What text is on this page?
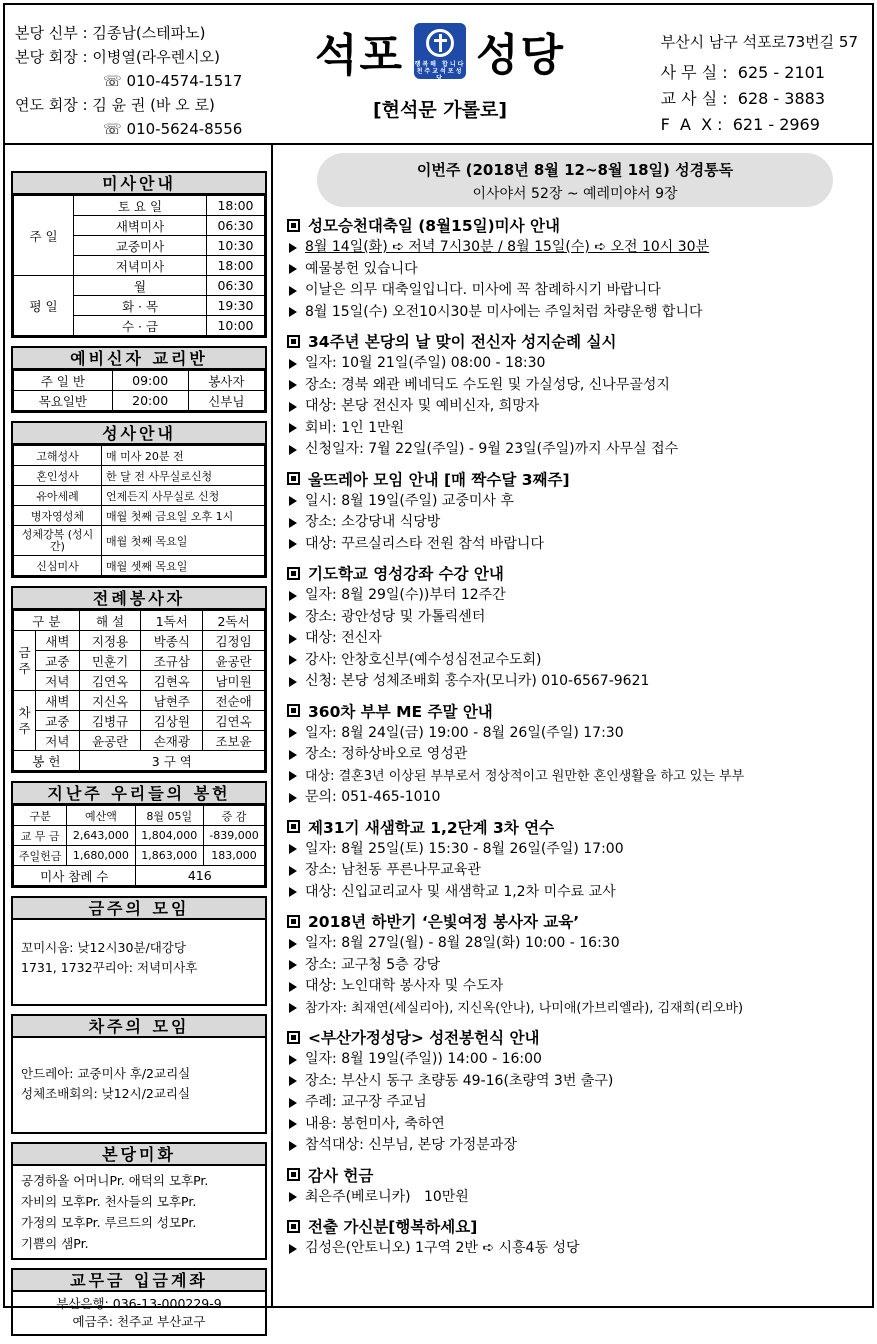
본당 신부 : 김종남(스테파노)
본당 회장 : 이병열(라우렌시오)
☏ 010-4574-1517
연도 회장 : 김 윤 권 (바 오 로)
☏ 010-5624-8556
석포 행복해 합니다 천주교석포성당 성당
[현석문 가롤로]
부산시 남구 석포로73번길 57
사 무 실 :  625 - 2101
교 사 실 :  628 - 3883
F  A  X :  621 - 2969
미사안내
주 일	토 요 일	18:00
	새벽미사	06:30
	교중미사	10:30
	저녁미사	18:00
평 일	월	06:30
	화 · 목	19:30
	수 · 금	10:00
예비신자 교리반
주 일 반	09:00	봉사자
목요일반	20:00	신부님
성사안내
고해성사	매 미사 20분 전
혼인성사	한 달 전 사무실로신청
유아세례	언제든지 사무실로 신청
병자영성체	매월 첫째 금요일 오후 1시
성체강복 (성시간)	매월 첫째 목요일
신심미사	매월 셋째 목요일
전례봉사자
구 분		해 설	1독서	2독서
금주	새벽	지정용	박종식	김정임
	교중	민훈기	조규삼	윤공란
	저녁	김연옥	김현옥	남미원
차주	새벽	지신옥	남현주	전순애
	교중	김병규	김상원	김연옥
	저녁	윤공란	손재광	조보윤
봉 헌		3 구 역		
지난주 우리들의 봉헌
구분	예산액	8월 05일	증 감
교 무 금	2,643,000	1,804,000	-839,000
주일헌금	1,680,000	1,863,000	183,000
미사 참례 수		416	
금주의 모임
꼬미시움: 낮12시30분/대강당
1731, 1732꾸리아: 저녁미사후
차주의 모임
안드레아: 교중미사 후/2교리실
성체조배회의: 낮12시/2교리실
본당미화
공경하올 어머니Pr. 애덕의 모후Pr.
자비의 모후Pr. 천사들의 모후Pr.
가정의 모후Pr. 루르드의 성모Pr.
기쁨의 샘Pr.
교무금 입금계좌
부산은행: 036-13-000229-9
예금주: 천주교 부산교구
이번주 (2018년 8월 12~8월 18일) 성경통독
이사야서 52장 ~ 예레미야서 9장
성모승천대축일 (8월15일)미사 안내
8월 14일(화) ➪ 저녁 7시30분 / 8월 15일(수) ➪ 오전 10시 30분
예물봉헌 있습니다
이날은 의무 대축일입니다. 미사에 꼭 참례하시기 바랍니다
8월 15일(수) 오전10시30분 미사에는 주일처럼 차량운행 합니다
34주년 본당의 날 맞이 전신자 성지순례 실시
일자: 10월 21일(주일) 08:00 - 18:30
장소: 경북 왜관 베네딕도 수도원 및 가실성당, 신나무골성지
대상: 본당 전신자 및 예비신자, 희망자
회비: 1인 1만원
신청일자: 7월 22일(주일) - 9월 23일(주일)까지 사무실 접수
울뜨레아 모임 안내 [매 짝수달 3째주]
일시: 8월 19일(주일) 교중미사 후
장소: 소강당내 식당방
대상: 꾸르실리스타 전원 참석 바랍니다
기도학교 영성강좌 수강 안내
일자: 8월 29일(수))부터 12주간
장소: 광안성당 및 가톨릭센터
대상: 전신자
강사: 안창호신부(예수성심전교수도회)
신청: 본당 성체조배회 홍수자(모니카) 010-6567-9621
360차 부부 ME 주말 안내
일자: 8월 24일(금) 19:00 - 8월 26일(주일) 17:30
장소: 정하상바오로 영성관
대상: 결혼3년 이상된 부부로서 정상적이고 원만한 혼인생활을 하고 있는 부부
문의: 051-465-1010
제31기 새샘학교 1,2단계 3차 연수
일자: 8월 25일(토) 15:30 - 8월 26일(주일) 17:00
장소: 남천동 푸른나무교육관
대상: 신입교리교사 및 새샘학교 1,2차 미수료 교사
2018년 하반기 ‘은빛여정 봉사자 교육’
일자: 8월 27일(월) - 8월 28일(화) 10:00 - 16:30
장소: 교구청 5층 강당
대상: 노인대학 봉사자 및 수도자
참가자: 최재연(세실리아), 지신옥(안나), 나미애(가브리엘라), 김재희(리오바)
<부산가정성당> 성전봉헌식 안내
일자: 8월 19일(주일)) 14:00 - 16:00
장소: 부산시 동구 초량동 49-16(초량역 3번 출구)
주례: 교구장 주교님
내용: 봉헌미사, 축하연
참석대상: 신부님, 본당 가정분과장
감사 헌금
최은주(베로니카)   10만원
전출 가신분[행복하세요]
김성은(안토니오) 1구역 2반 ➪ 시흥4동 성당
